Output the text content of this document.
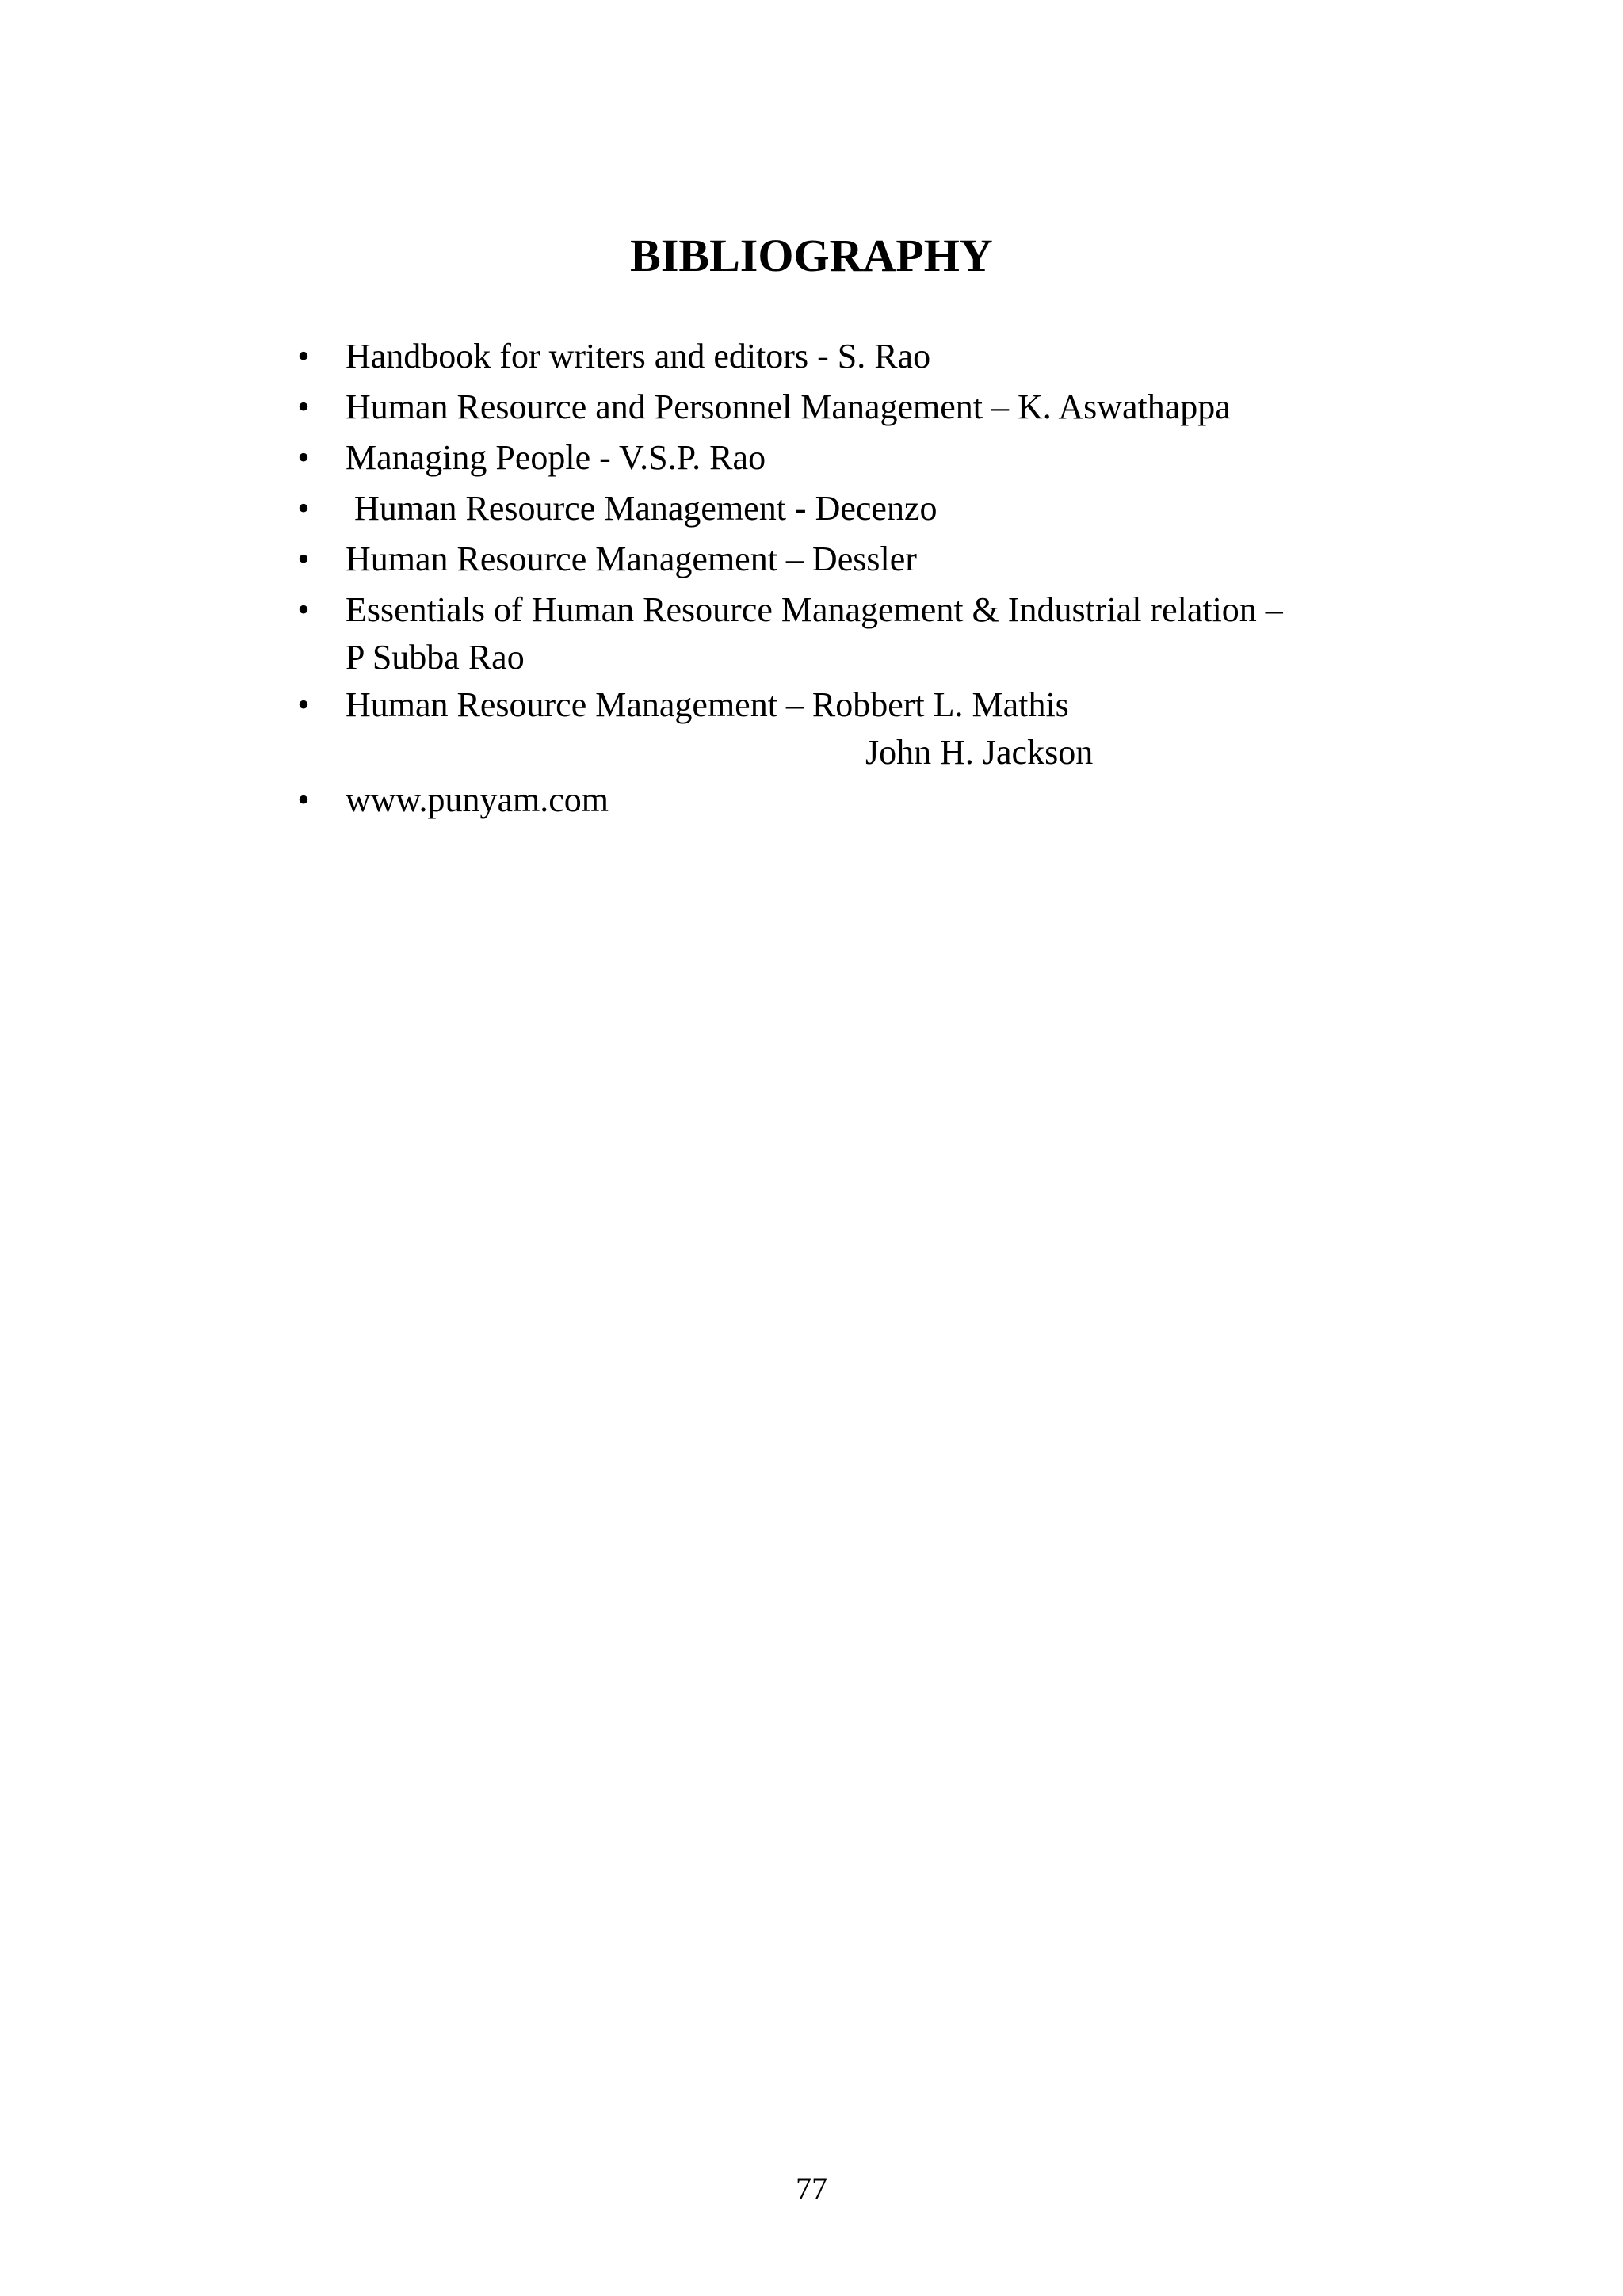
BIBLIOGRAPHY
• Handbook for writers and editors - S. Rao
• Human Resource and Personnel Management – K. Aswathappa
• Managing People - V.S.P. Rao
• Human Resource Management - Decenzo
• Human Resource Management – Dessler
• Essentials of Human Resource Management & Industrial relation –
P Subba Rao
• Human Resource Management – Robbert L. Mathis
John H. Jackson
• www.punyam.com
77
